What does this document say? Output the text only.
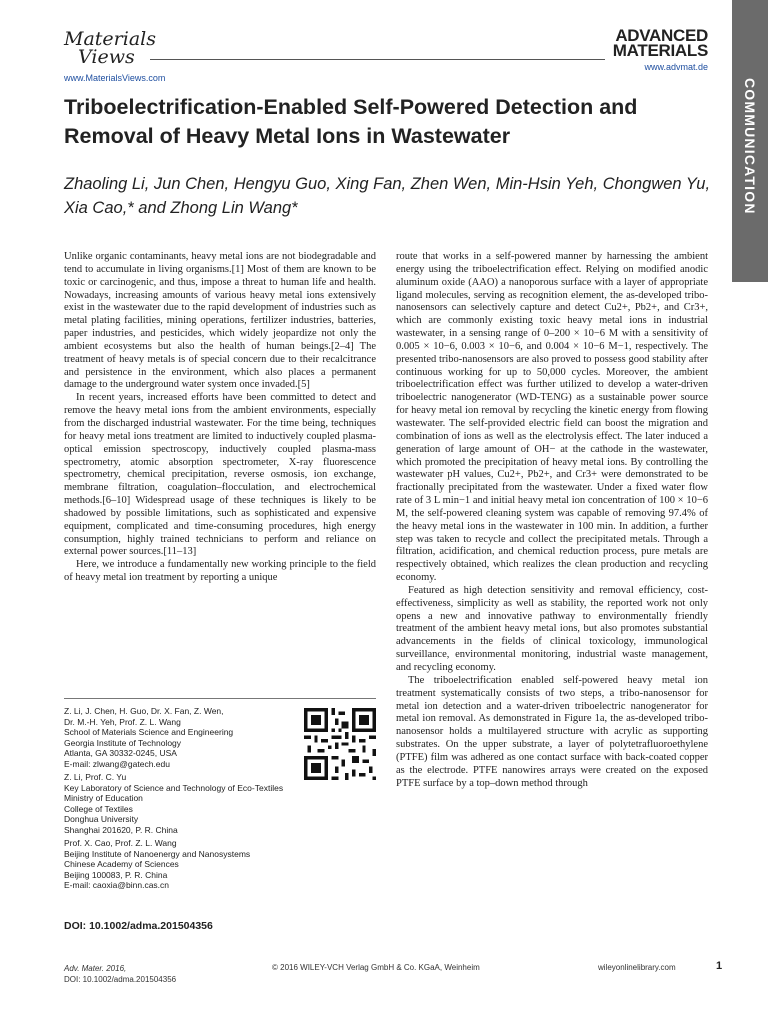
Materials
Views
www.MaterialsViews.com
ADVANCED
MATERIALS
www.advmat.de
COMMUNICATION
Triboelectrification-Enabled Self-Powered Detection and Removal of Heavy Metal Ions in Wastewater
Zhaoling Li, Jun Chen, Hengyu Guo, Xing Fan, Zhen Wen, Min-Hsin Yeh, Chongwen Yu, Xia Cao,* and Zhong Lin Wang*

Unlike organic contaminants, heavy metal ions are not biodegradable and tend to accumulate in living organisms.[1] Most of them are known to be toxic or carcinogenic, and thus, impose a threat to human life and health. Nowadays, increasing amounts of various heavy metal ions extensively exist in the wastewater due to the rapid development of industries such as metal plating facilities, mining operations, fertilizer industries, batteries, paper industries, and pesticides, which widely jeopardize not only the ambient ecosystems but also the health of human beings.[2–4] The treatment of heavy metals is of special concern due to their recalcitrance and persistence in the environment, which also places a permanent damage to the underground water system once invaded.[5]

In recent years, increased efforts have been committed to detect and remove the heavy metal ions from the ambient environments, especially from the discharged industrial wastewater. For the time being, techniques for heavy metal ions treatment are limited to inductively coupled plasma-optical emission spectroscopy, inductively coupled plasma-mass spectrometry, atomic absorption spectrometer, X-ray fluorescence spectrometry, chemical precipitation, reverse osmosis, ion exchange, membrane filtration, coagulation–flocculation, and electrochemical methods.[6–10] Widespread usage of these techniques is likely to be shadowed by possible limitations, such as sophisticated and expensive equipment, complicated and time-consuming procedures, high energy consumption, highly trained technicians to perform and reliance on external power sources.[11–13]

Here, we introduce a fundamentally new working principle to the field of heavy metal ion treatment by reporting a unique

route that works in a self-powered manner by harnessing the ambient energy using the triboelectrification effect. Relying on modified anodic aluminum oxide (AAO) a nanoporous surface with a layer of appropriate ligand molecules, serving as recognition element, the as-developed tribo-nanosensors can selectively capture and detect Cu2+, Pb2+, and Cr3+, which are commonly existing toxic heavy metal ions in industrial wastewater, in a sensing range of 0–200 × 10−6 M with a sensitivity of 0.005 × 10−6, 0.003 × 10−6, and 0.004 × 10−6 M−1, respectively. The presented tribo-nanosensors are also proved to possess good stability after continuous working for up to 50,000 cycles. Moreover, the ambient triboelectrification effect was further utilized to develop a water-driven triboelectric nanogenerator (WD-TENG) as a sustainable power source for heavy metal ion removal by recycling the kinetic energy from flowing wastewater. The self-provided electric field can boost the migration and combination of ions as well as the electrolysis effect. The later induced a generation of large amount of OH− at the cathode in the wastewater, which promoted the precipitation of heavy metal ions. By controlling the wastewater pH values, Cu2+, Pb2+, and Cr3+ were demonstrated to be fractionally precipitated from the wastewater. Under a fixed water flow rate of 3 L min−1 and initial heavy metal ion concentration of 100 × 10−6 M, the self-powered cleaning system was capable of removing 97.4% of the heavy metal ions in the wastewater in 100 min. In addition, a further step was taken to recycle and collect the precipitated metals. Through a filtration, acidification, and chemical reduction process, pure metals are respectively obtained, which realizes the clean production and recycling economy.

Featured as high detection sensitivity and removal efficiency, cost-effectiveness, simplicity as well as stability, the reported work not only opens a new and innovative pathway to environmentally friendly treatment of the ambient heavy metal ions, but also promotes substantial advancements in the fields of clinical toxicology, immunological surveillance, environmental monitoring, industrial waste management, and recycling economy.

The triboelectrification enabled self-powered heavy metal ion treatment systematically consists of two steps, a tribo-nanosensor for metal ion detection and a water-driven triboelectric nanogenerator for metal ion removal. As demonstrated in Figure 1a, the as-developed tribo-nanosensor holds a multilayered structure with acrylic as supporting substrates. On the upper substrate, a layer of polytetrafluoroethylene (PTFE) film was adhered as one contact surface with back-coated copper as the electrode. PTFE nanowires arrays were created on the exposed PTFE surface by a top–down method through

Z. Li, J. Chen, H. Guo, Dr. X. Fan, Z. Wen,
Dr. M.-H. Yeh, Prof. Z. L. Wang
School of Materials Science and Engineering
Georgia Institute of Technology
Atlanta, GA 30332-0245, USA
E-mail: zlwang@gatech.edu
Z. Li, Prof. C. Yu
Key Laboratory of Science and Technology of Eco-Textiles
Ministry of Education
College of Textiles
Donghua University
Shanghai 201620, P. R. China
Prof. X. Cao, Prof. Z. L. Wang
Beijing Institute of Nanoenergy and Nanosystems
Chinese Academy of Sciences
Beijing 100083, P. R. China
E-mail: caoxia@binn.cas.cn
DOI: 10.1002/adma.201504356
Adv. Mater. 2016,
DOI: 10.1002/adma.201504356
© 2016 WILEY-VCH Verlag GmbH & Co. KGaA, Weinheim	wileyonlinelibrary.com	1
